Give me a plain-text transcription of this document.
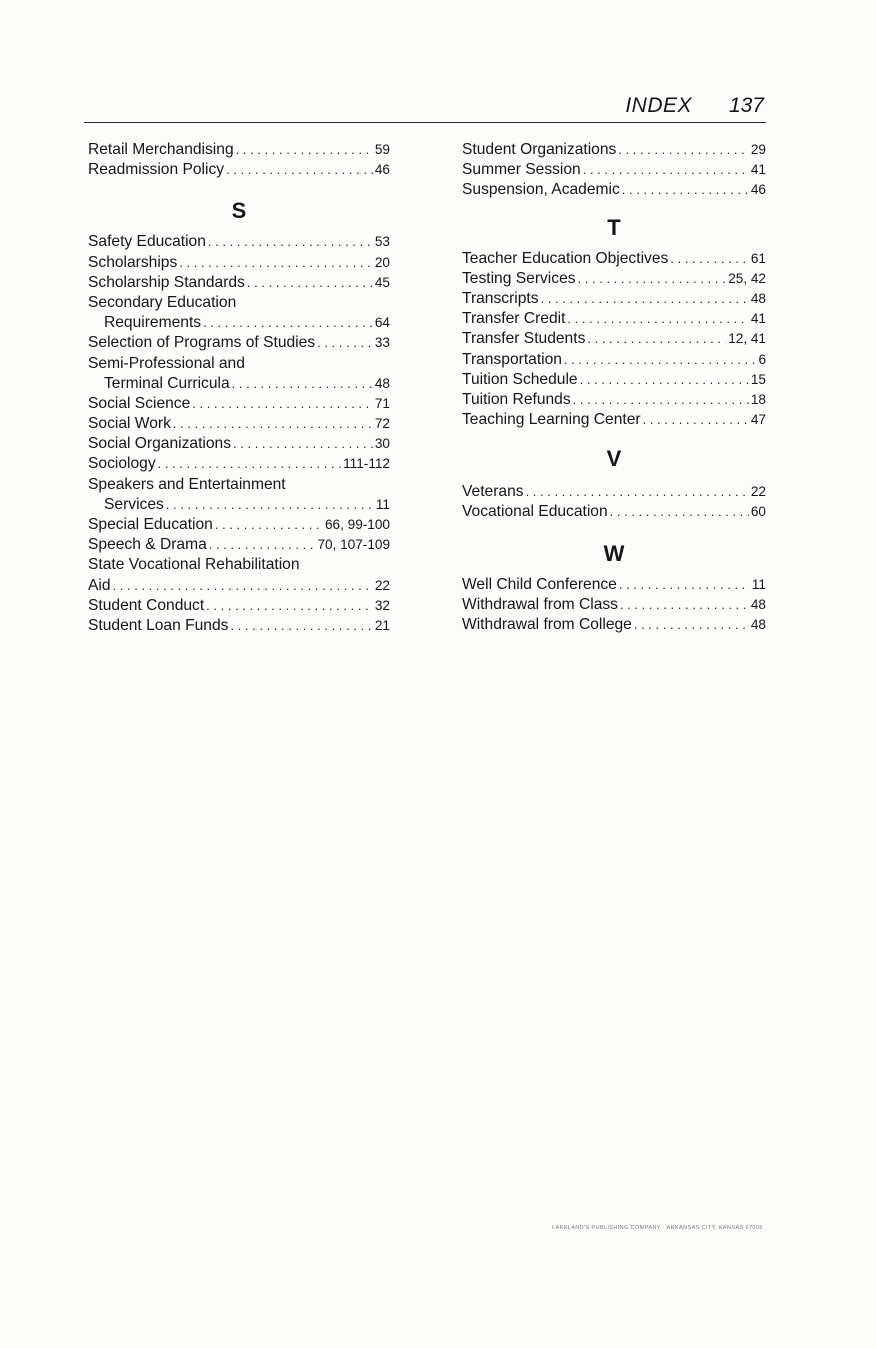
INDEX 137
Retail Merchandising . . .	59
Readmission Policy . . .	46
S
Safety Education . . .	53
Scholarships . . .	20
Scholarship Standards . . .	45
Secondary Education
Requirements . . .	64
Selection of Programs of Studies . . .	33
Semi-Professional and
Terminal Curricula . . .	48
Social Science . . .	71
Social Work . . .	72
Social Organizations . . .	30
Sociology . . .	111-112
Speakers and Entertainment
Services . . .	11
Special Education . . .	66, 99-100
Speech & Drama . . .	70, 107-109
State Vocational Rehabilitation
Aid . . .	22
Student Conduct . . .	32
Student Loan Funds . . .	21
Student Organizations . . .	29
Summer Session . . .	41
Suspension, Academic . . .	46
T
Teacher Education Objectives . . .	61
Testing Services . . .	25, 42
Transcripts . . .	48
Transfer Credit . . .	41
Transfer Students . . .	12, 41
Transportation . . .	6
Tuition Schedule . . .	15
Tuition Refunds . . .	18
Teaching Learning Center . . .	47
V
Veterans . . .	22
Vocational Education . . .	60
W
Well Child Conference . . .	11
Withdrawal from Class . . .	48
Withdrawal from College . . .	48
LAKELAND'S PUBLISHING COMPANY · ARKANSAS CITY, KANSAS 67005
